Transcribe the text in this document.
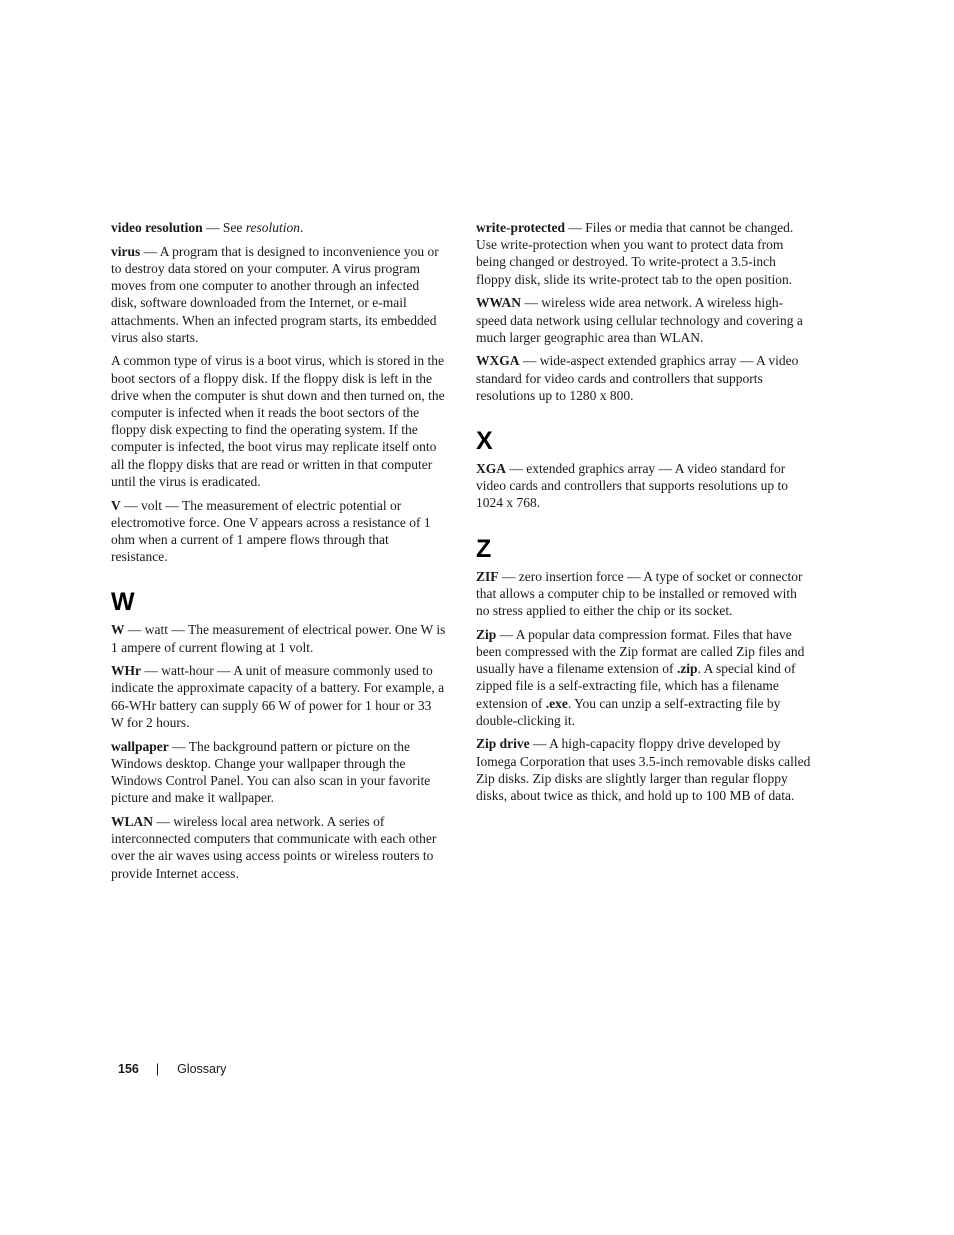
video resolution — See resolution.

virus — A program that is designed to inconvenience you or to destroy data stored on your computer. A virus program moves from one computer to another through an infected disk, software downloaded from the Internet, or e-mail attachments. When an infected program starts, its embedded virus also starts.

A common type of virus is a boot virus, which is stored in the boot sectors of a floppy disk. If the floppy disk is left in the drive when the computer is shut down and then turned on, the computer is infected when it reads the boot sectors of the floppy disk expecting to find the operating system. If the computer is infected, the boot virus may replicate itself onto all the floppy disks that are read or written in that computer until the virus is eradicated.

V — volt — The measurement of electric potential or electromotive force. One V appears across a resistance of 1 ohm when a current of 1 ampere flows through that resistance.

W

W — watt — The measurement of electrical power. One W is 1 ampere of current flowing at 1 volt.

WHr — watt-hour — A unit of measure commonly used to indicate the approximate capacity of a battery. For example, a 66-WHr battery can supply 66 W of power for 1 hour or 33 W for 2 hours.

wallpaper — The background pattern or picture on the Windows desktop. Change your wallpaper through the Windows Control Panel. You can also scan in your favorite picture and make it wallpaper.

WLAN — wireless local area network. A series of interconnected computers that communicate with each other over the air waves using access points or wireless routers to provide Internet access.

write-protected — Files or media that cannot be changed. Use write-protection when you want to protect data from being changed or destroyed. To write-protect a 3.5-inch floppy disk, slide its write-protect tab to the open position.

WWAN — wireless wide area network. A wireless high-speed data network using cellular technology and covering a much larger geographic area than WLAN.

WXGA — wide-aspect extended graphics array — A video standard for video cards and controllers that supports resolutions up to 1280 x 800.

X

XGA — extended graphics array — A video standard for video cards and controllers that supports resolutions up to 1024 x 768.

Z

ZIF — zero insertion force — A type of socket or connector that allows a computer chip to be installed or removed with no stress applied to either the chip or its socket.

Zip — A popular data compression format. Files that have been compressed with the Zip format are called Zip files and usually have a filename extension of .zip. A special kind of zipped file is a self-extracting file, which has a filename extension of .exe. You can unzip a self-extracting file by double-clicking it.

Zip drive — A high-capacity floppy drive developed by Iomega Corporation that uses 3.5-inch removable disks called Zip disks. Zip disks are slightly larger than regular floppy disks, about twice as thick, and hold up to 100 MB of data.

156 | Glossary
